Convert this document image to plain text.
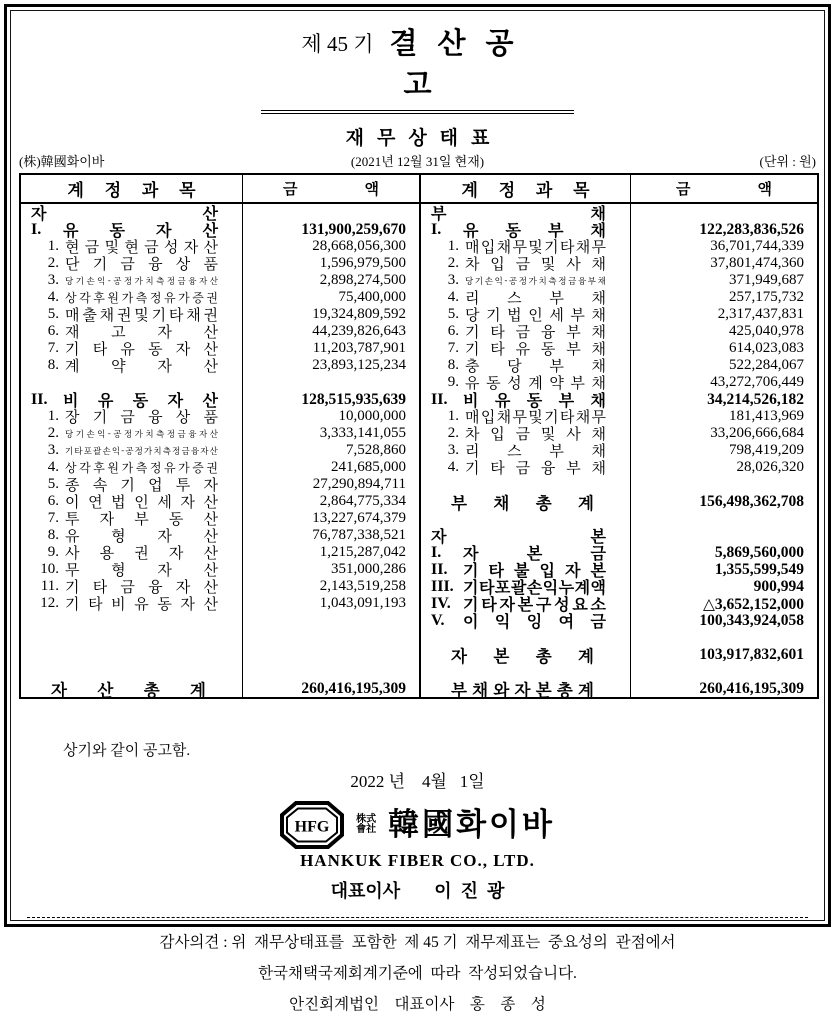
제 45 기 결산공고
재무상태표
(株)韓國화이바	(2021년 12월 31일 현재)	(단위 : 원)
계 정 과 목	금	액
자	산
I.	유 동 자 산	131,900,259,670
1. 현 금 및 현 금 성 자 산	28,668,056,300
2. 단 기 금 융 상 품	1,596,979,500
3. 당 기 손 익 - 공 정 가 치 측 정 금 융 자 산	2,898,274,500
4. 상 각 후 원 가 측 정 유 가 증 권	75,400,000
5. 매 출 채 권 및 기 타 채 권	19,324,809,592
6. 재 고 자 산	44,239,826,643
7. 기 타 유 동 자 산	11,203,787,901
8. 계 약 자 산	23,893,125,234
II. 비 유 동 자 산	128,515,935,639
1. 장 기 금 융 상 품	10,000,000
2. 당 기 손 익 - 공 정 가 치 측 정 금 융 자 산	3,333,141,055
3. 기 타 포 괄 손 익 - 공 정 가 치 측 정 금 융 자 산	7,528,860
4. 상 각 후 원 가 측 정 유 가 증 권	241,685,000
5. 종 속 기 업 투 자	27,290,894,711
6. 이 연 법 인 세 자 산	2,864,775,334
7. 투 자 부 동 산	13,227,674,379
8. 유 형 자 산	76,787,338,521
9. 사 용 권 자 산	1,215,287,042
10. 무 형 자 산	351,000,286
11. 기 타 금 융 자 산	2,143,519,258
12. 기 타 비 유 동 자 산	1,043,091,193
자 산 총 계	260,416,195,309
계 정 과 목	금	액
부	채
I.	유 동 부 채	122,283,836,526
1. 매 입 채 무 및 기 타 채 무	36,701,744,339
2. 차 입 금 및 사 채	37,801,474,360
3. 당 기 손 익 - 공 정 가 치 측 정 금 융 부 채	371,949,687
4. 리 스 부 채	257,175,732
5. 당 기 법 인 세 부 채	2,317,437,831
6. 기 타 금 융 부 채	425,040,978
7. 기 타 유 동 부 채	614,023,083
8. 충 당 부 채	522,284,067
9. 유 동 성 계 약 부 채	43,272,706,449
II. 비 유 동 부 채	34,214,526,182
1. 매 입 채 무 및 기 타 채 무	181,413,969
2. 차 입 금 및 사 채	33,206,666,684
3. 리 스 부 채	798,419,209
4. 기 타 금 융 부 채	28,026,320
부 채 총 계	156,498,362,708
자	본
I.	자	본	금	5,869,560,000
II. 기 타 불 입 자 본	1,355,599,549
III. 기 타 포 괄 손 익 누 계 액	900,994
IV. 기 타 자 본 구 성 요 소	△3,652,152,000
V.	이 익 잉 여 금	100,343,924,058
자 본 총 계	103,917,832,601
부 채 와 자 본 총 계	260,416,195,309
상기와 같이 공고함.
2022 년    4월   1일
HFG	株式會社 韓國화이바
HANKUK FIBER CO., LTD.
대표이사 이  진  광
감사의견 : 위  재무상태표를  포함한  제 45 기  재무제표는  중요성의  관점에서
한국채택국제회계기준에  따라  작성되었습니다.
안진회계법인    대표이사    홍    종    성
